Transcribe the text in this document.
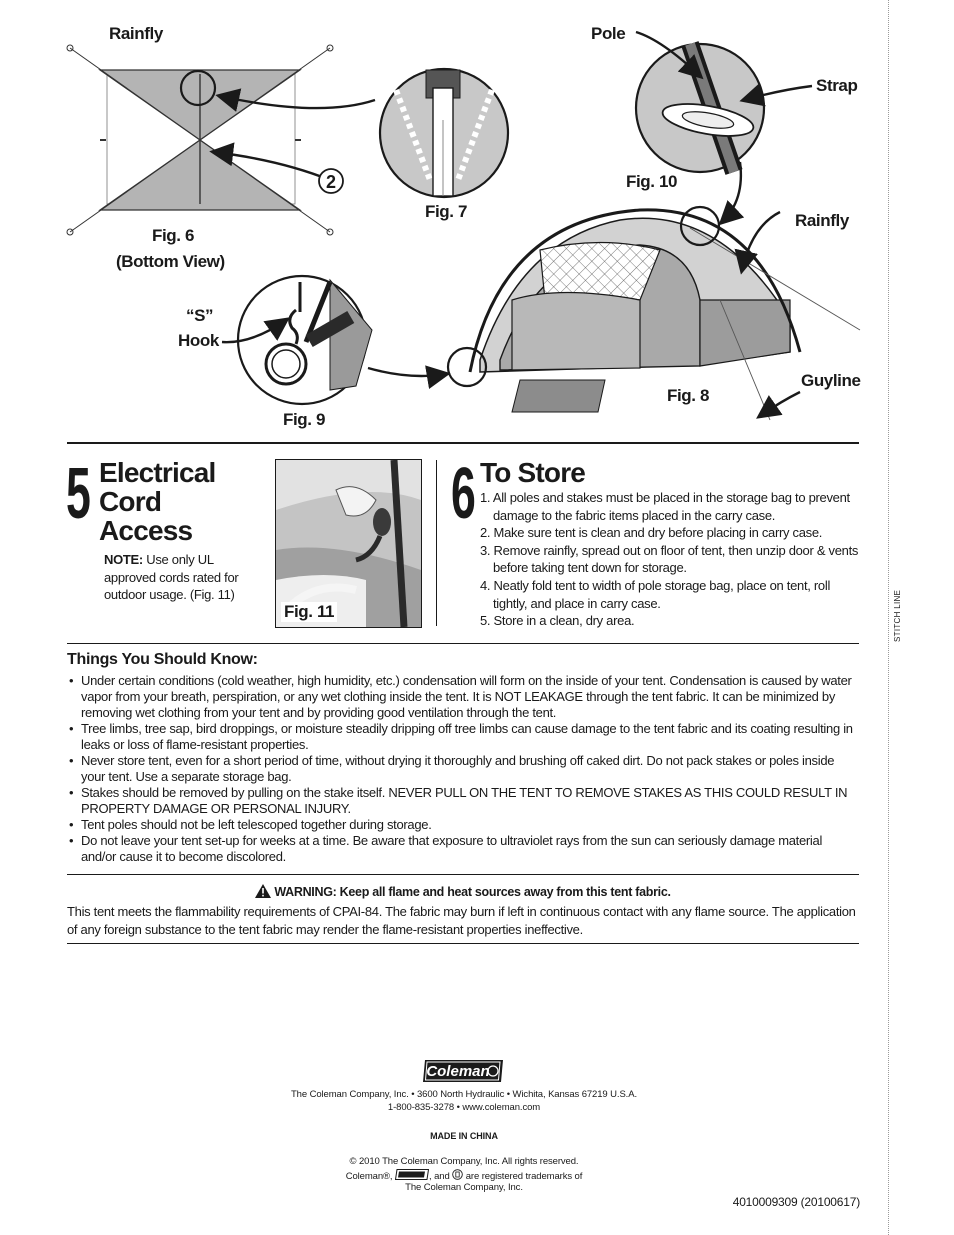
STITCH LINE
2
Rainfly	Pole
Strap
Rainfly
“S”
Hook
Guyline
Fig. 6
(Bottom View)
Fig. 7
Fig. 10
Fig. 8
Fig. 9
5 Electrical
Cord
Access
NOTE: Use only UL approved cords rated for outdoor usage. (Fig. 11)
Fig. 11
6 To Store
1. All poles and stakes must be placed in the storage bag to prevent damage to the fabric items placed in the carry case.
2. Make sure tent is clean and dry before placing in carry case.
3. Remove rainfly, spread out on floor of tent, then unzip door & vents before taking tent down for storage.
4. Neatly fold tent to width of pole storage bag, place on tent, roll tightly, and place in carry case.
5. Store in a clean, dry area.
Things You Should Know:
• Under certain conditions (cold weather, high humidity, etc.) condensation will form on the inside of your tent. Condensation is caused by water vapor from your breath, perspiration, or any wet clothing inside the tent. It is NOT LEAKAGE through the tent fabric. It can be minimized by removing wet clothing from your tent and by providing good ventilation through the tent.
• Tree limbs, tree sap, bird droppings, or moisture steadily dripping off tree limbs can cause damage to the tent fabric and its coating resulting in leaks or loss of flame-resistant properties.
• Never store tent, even for a short period of time, without drying it thoroughly and brushing off caked dirt. Do not pack stakes or poles inside your tent. Use a separate storage bag.
• Stakes should be removed by pulling on the stake itself. NEVER PULL ON THE TENT TO REMOVE STAKES AS THIS COULD RESULT IN PROPERTY DAMAGE OR PERSONAL INJURY.
• Tent poles should not be left telescoped together during storage.
• Do not leave your tent set-up for weeks at a time. Be aware that exposure to ultraviolet rays from the sun can seriously damage material and/or cause it to become discolored.
WARNING: Keep all flame and heat sources away from this tent fabric.
This tent meets the flammability requirements of CPAI-84. The fabric may burn if left in continuous contact with any flame source. The application of any foreign substance to the tent fabric may render the flame-resistant properties ineffective.
Coleman
The Coleman Company, Inc. • 3600 North Hydraulic • Wichita, Kansas 67219 U.S.A.
1-800-835-3278 • www.coleman.com
MADE IN CHINA
© 2010 The Coleman Company, Inc. All rights reserved.
Coleman®,	, and are registered trademarks of
The Coleman Company, Inc.
4010009309 (20100617)
